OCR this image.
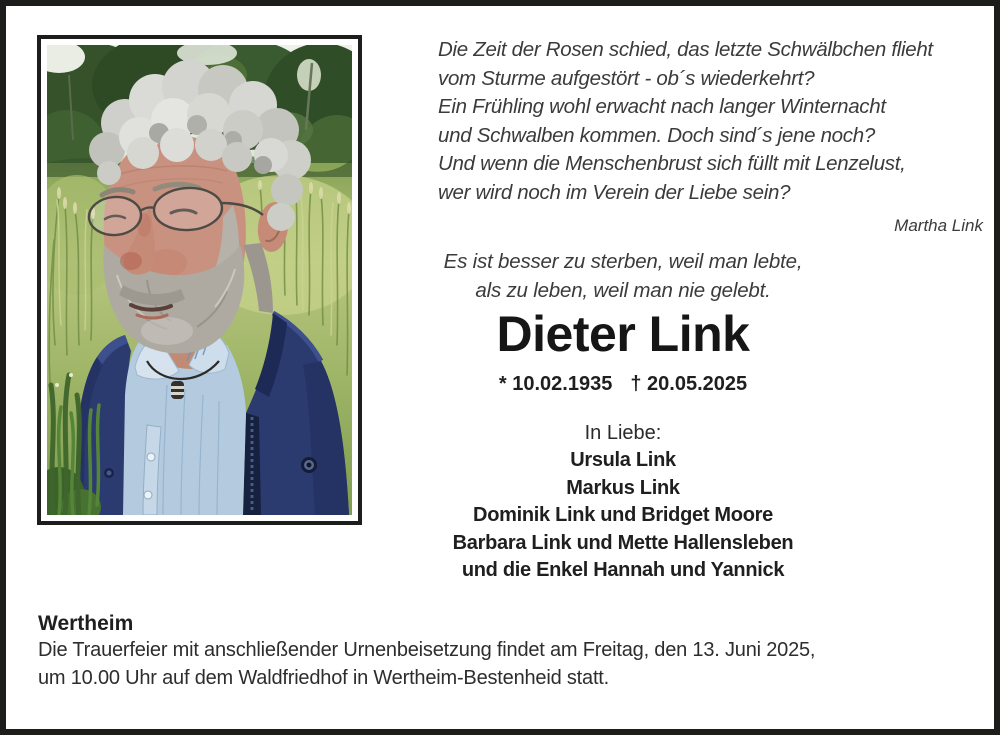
Die Zeit der Rosen schied, das letzte Schwälbchen flieht
vom Sturme aufgestört - ob´s wiederkehrt?
Ein Frühling wohl erwacht nach langer Winternacht
und Schwalben kommen. Doch sind´s jene noch?
Und wenn die Menschenbrust sich füllt mit Lenzelust,
wer wird noch im Verein der Liebe sein?
Martha Link
Es ist besser zu sterben, weil man lebte,
als zu leben, weil man nie gelebt.
Dieter Link
* 10.02.1935 † 20.05.2025
In Liebe:
Ursula Link
Markus Link
Dominik Link und Bridget Moore
Barbara Link und Mette Hallensleben
und die Enkel Hannah und Yannick
Wertheim
Die Trauerfeier mit anschließender Urnenbeisetzung findet am Freitag, den 13. Juni 2025,
um 10.00 Uhr auf dem Waldfriedhof in Wertheim-Bestenheid statt.
